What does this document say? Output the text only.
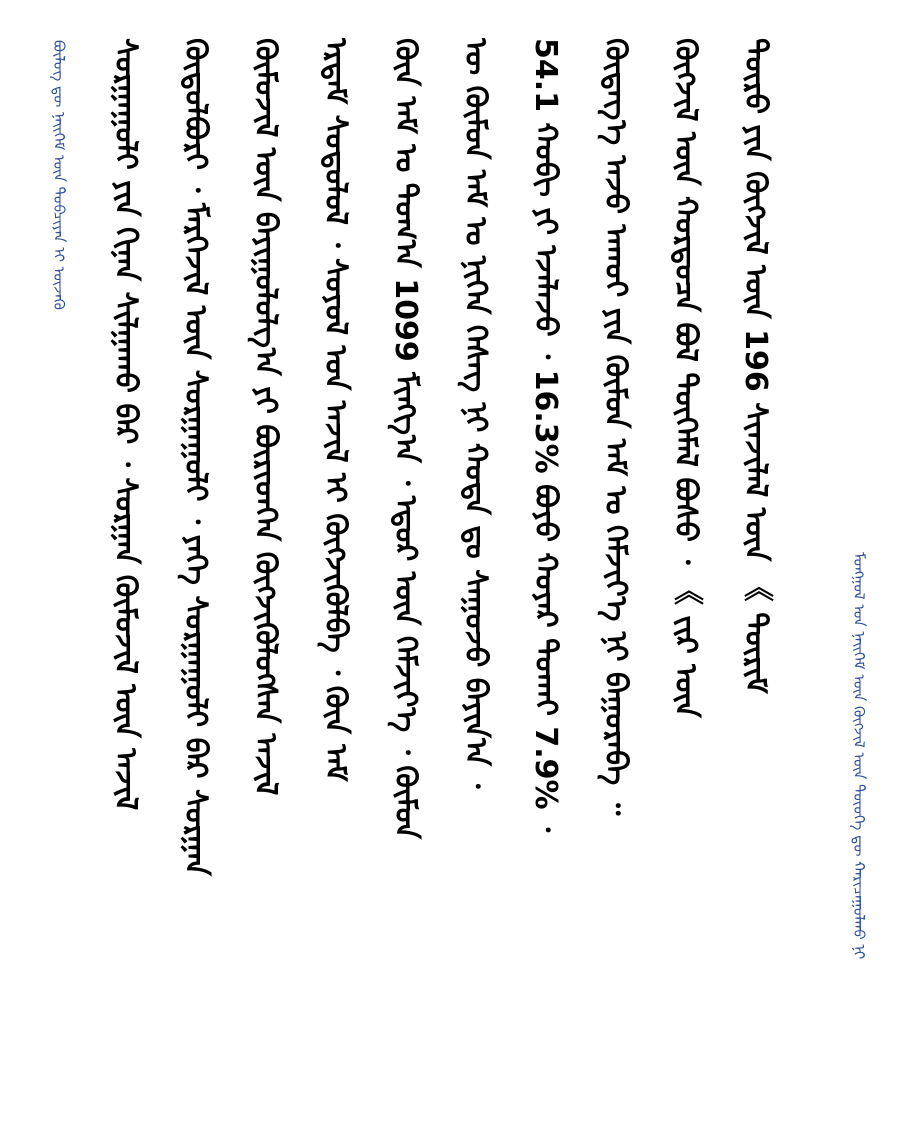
ᠪᠦᠯᠦᠭ ᠳᠦ ᠨᠡᠢᠭᠡᠮ ᠦᠨ ᠲᠣᠪᠴᠢᠶᠠᠨ ᠢ ᠦᠵᠡᠬᠦ ᠰᠤᠷᠭᠠᠭᠤᠯᠢ ᠶᠢᠨ ᠬᠢᠨᠠᠨ ᠰᠢᠯᠭᠠᠬᠤ ᠪᠠᠷ ᠂ ᠰᠤᠷᠭᠠᠨ ᠬᠦᠮᠦᠵᠢᠯ ᠦᠨ ᠠᠵᠢᠯ ᠬᠥᠲᠦᠯᠪᠦᠷᠢ ᠂ ᠮᠡᠷᠭᠡᠵᠢᠯ ᠦᠨ ᠰᠤᠷᠭᠠᠭᠤᠯᠢ ᠂ ᠶᠡᠬᠡ ᠰᠤᠷᠭᠠᠭᠤᠯᠢ ᠪᠠᠷ ᠰᠤᠷᠭᠠᠨ ᠬᠦᠮᠦᠵᠢᠯ ᠦᠨ ᠪᠠᠶᠢᠭᠤᠯᠤᠯᠭ᠎ᠠ ᠶᠢ ᠪᠦᠷᠢᠳᠭᠡᠨ ᠬᠥᠭᠵᠢᠭᠦᠯᠦᠭᠰᠡᠨ ᠠᠵᠢᠯ ᠡᠷᠳᠡᠮ ᠰᠤᠳᠤᠯᠤᠯ ᠂ ᠰᠣᠶᠤᠯ ᠤᠨ ᠠᠵᠢᠯ ᠢ ᠬᠥᠭᠵᠢᠭᠦᠯᠪᠡ ᠂ ᠬᠦᠨ ᠠᠮ ᠬᠦᠨ ᠠᠮ ᠤ ᠲᠣᠭ᠎ᠠ 1099 ᠮᠢᠩᠭ᠎ᠠ ᠂ ᠡᠳ᠋ᠦᠷ ᠦᠨ ᠬᠡᠮᠵᠢᠶ᠎ᠡ ᠂ ᠬᠦᠮᠦᠨ ᠦ ᠬᠦᠮᠦᠨ ᠠᠮ ᠤ ᠨᠢᠭᠡᠨ ᠬᠡᠰᠡᠭ ᠨᠢ ᠬᠣᠲᠠ ᠳᠤ ᠰᠠᠭᠤᠵᠤ ᠪᠠᠶᠢᠨ᠎ᠠ ᠂ 54.1 ᠬᠤᠪᠢ ᠶᠢ ᠡᠵᠡᠯᠡᠵᠦ ᠂ 16.3% ᠪᠤᠶᠤ ᠬᠣᠶᠠᠷ ᠲᠤᠬᠠᠢ 7.9% ᠂ ᠬᠥᠳᠡᠭ᠎ᠡ ᠠᠵᠤ ᠠᠬᠤᠢ ᠶᠢᠨ ᠬᠦᠮᠦᠨ ᠠᠮ ᠤ ᠬᠡᠮᠵᠢᠶ᠎ᠡ ᠨᠢ ᠪᠠᠭᠤᠷᠠᠪᠠ ᠃ ᠬᠥᠭᠵᠢᠯ ᠦᠨ ᠬᠤᠷᠳᠤᠴᠠ ᠪᠤᠯ ᠲᠦᠭᠡᠮᠡᠯ ᠪᠤᠰᠤ ᠂ 《 ᠵᠢᠷ ᠦᠨ ᠲᠦᠷᠦ ᠶᠢᠨ ᠬᠥᠭᠵᠢᠯ ᠦᠨ 196 ᠰᠢᠨᠵᠢᠯᠡᠯ ᠦᠨ 《 ᠳᠦᠷᠢᠮ
ᠮᠣᠩᠭᠣᠯ ᠤᠨ ᠨᠡᠢᠭᠡᠮ ᠦᠨ ᠬᠥᠭᠵᠢᠯ ᠦᠨ ᠲᠦᠦᠬᠡ ᠳᠦ ᠬᠠᠷᠢᠴᠠᠭᠤᠯᠬᠤ ᠨᠢ
